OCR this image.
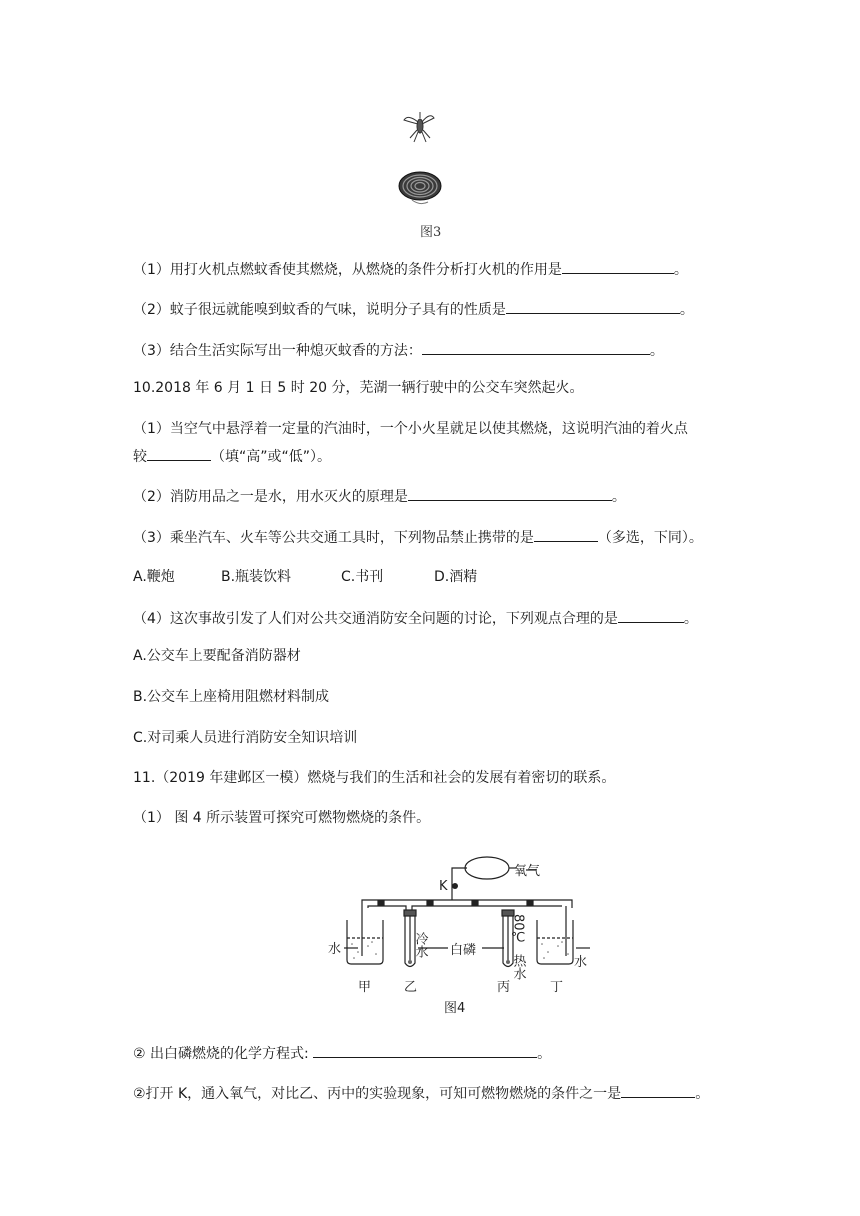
图3
（1）用打火机点燃蚊香使其燃烧，从燃烧的条件分析打火机的作用是	。
（2）蚊子很远就能嗅到蚊香的气味，说明分子具有的性质是	。
（3）结合生活实际写出一种熄灭蚊香的方法：	。
10.2018 年 6 月 1 日 5 时 20 分，芜湖一辆行驶中的公交车突然起火。
（1）当空气中悬浮着一定量的汽油时，一个小火星就足以使其燃烧，这说明汽油的着火点
较	（填“高”或“低”）。
（2）消防用品之一是水，用水灭火的原理是	。
（3）乘坐汽车、火车等公共交通工具时，下列物品禁止携带的是	（多选，下同）。
A.鞭炮	B.瓶装饮料	C.书刊	D.酒精
（4）这次事故引发了人们对公共交通消防安全问题的讨论，下列观点合理的是	。
A.公交车上要配备消防器材
B.公交车上座椅用阻燃材料制成
C.对司乘人员进行消防安全知识培训
11.（2019 年建邺区一模）燃烧与我们的生活和社会的发展有着密切的联系。
（1） 图 4 所示装置可探究可燃物燃烧的条件。
氧气
K
水
水
白磷
甲	乙	丙	丁
图4
冷水	80℃
热水
② 出白磷燃烧的化学方程式:	。
②打开 K，通入氧气，对比乙、丙中的实验现象，可知可燃物燃烧的条件之一是	。
